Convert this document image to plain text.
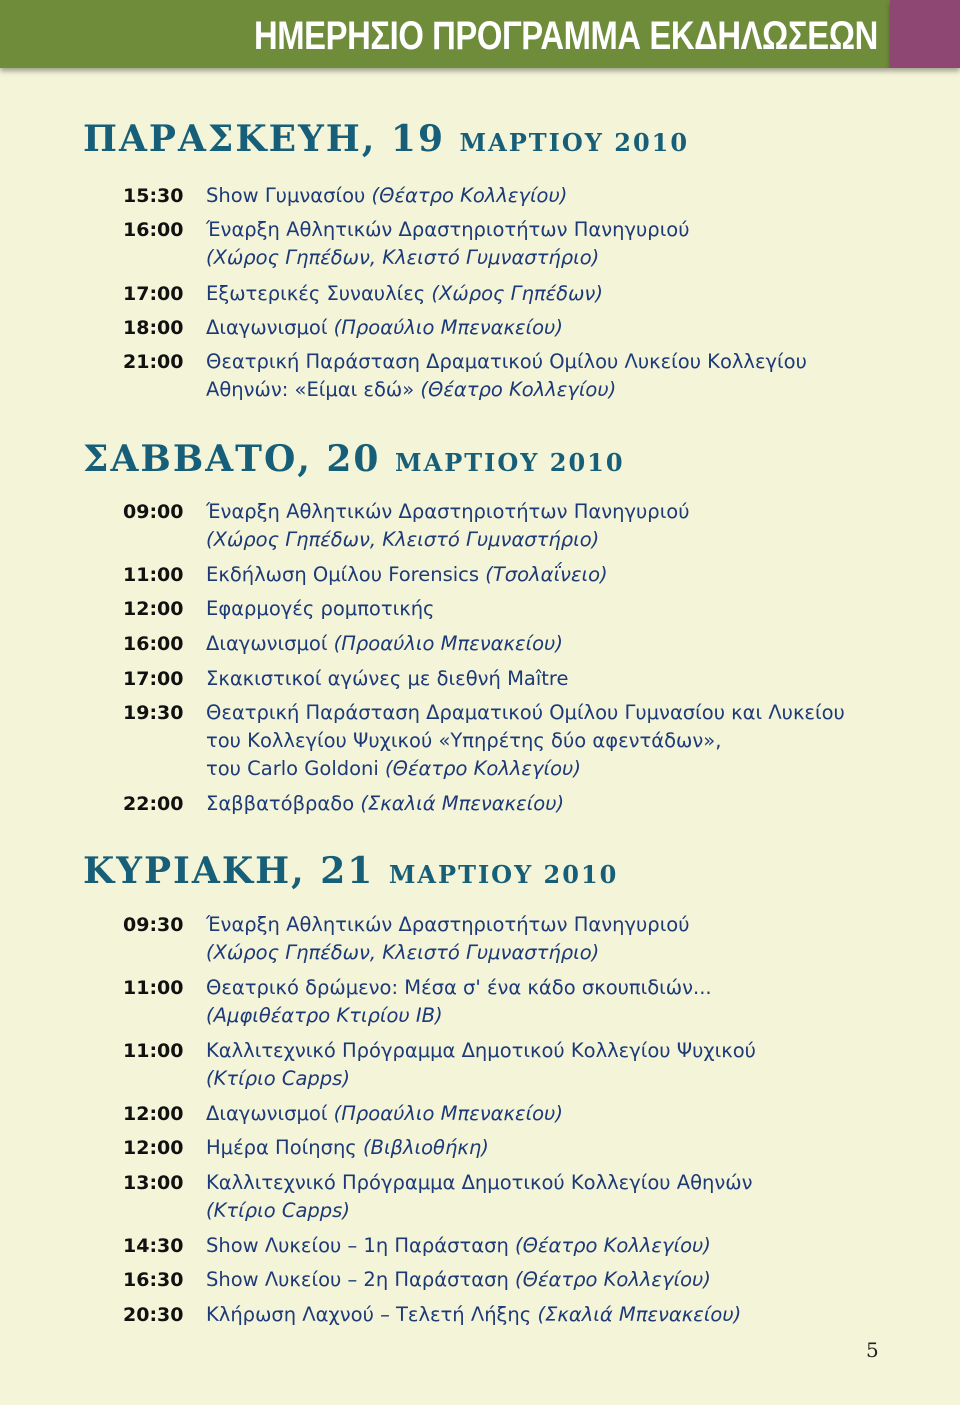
ΗΜΕΡΗΣΙΟ ΠΡΟΓΡΑΜΜΑ ΕΚΔΗΛΩΣΕΩΝ
ΠΑΡΑΣΚΕΥΗ, 19 ΜΑΡΤΙΟΥ 2010
15:30 Show Γυμνασίου (Θέατρο Κολλεγίου)
16:00 Έναρξη Αθλητικών Δραστηριοτήτων Πανηγυριού
(Χώρος Γηπέδων, Κλειστό Γυμναστήριο)
17:00 Εξωτερικές Συναυλίες (Χώρος Γηπέδων)
18:00 Διαγωνισμοί (Προαύλιο Μπενακείου)
21:00 Θεατρική Παράσταση Δραματικού Ομίλου Λυκείου Κολλεγίου
Αθηνών: «Είμαι εδώ» (Θέατρο Κολλεγίου)
ΣΑΒΒΑΤΟ, 20 ΜΑΡΤΙΟΥ 2010
09:00 Έναρξη Αθλητικών Δραστηριοτήτων Πανηγυριού
(Χώρος Γηπέδων, Κλειστό Γυμναστήριο)
11:00 Εκδήλωση Ομίλου Forensics (Τσολαΐνειο)
12:00 Εφαρμογές ρομποτικής
16:00 Διαγωνισμοί (Προαύλιο Μπενακείου)
17:00 Σκακιστικοί αγώνες με διεθνή Maître
19:30 Θεατρική Παράσταση Δραματικού Ομίλου Γυμνασίου και Λυκείου
του Κολλεγίου Ψυχικού «Υπηρέτης δύο αφεντάδων»,
του Carlo Goldoni (Θέατρο Κολλεγίου)
22:00 Σαββατόβραδο (Σκαλιά Μπενακείου)
ΚΥΡΙΑΚΗ, 21 ΜΑΡΤΙΟΥ 2010
09:30 Έναρξη Αθλητικών Δραστηριοτήτων Πανηγυριού
(Χώρος Γηπέδων, Κλειστό Γυμναστήριο)
11:00 Θεατρικό δρώμενο: Μέσα σ' ένα κάδο σκουπιδιών...
(Αμφιθέατρο Κτιρίου ΙΒ)
11:00 Καλλιτεχνικό Πρόγραμμα Δημοτικού Κολλεγίου Ψυχικού
(Κτίριο Capps)
12:00 Διαγωνισμοί (Προαύλιο Μπενακείου)
12:00 Ημέρα Ποίησης (Βιβλιοθήκη)
13:00 Καλλιτεχνικό Πρόγραμμα Δημοτικού Κολλεγίου Αθηνών
(Κτίριο Capps)
14:30 Show Λυκείου – 1η Παράσταση (Θέατρο Κολλεγίου)
16:30 Show Λυκείου – 2η Παράσταση (Θέατρο Κολλεγίου)
20:30 Κλήρωση Λαχνού – Τελετή Λήξης (Σκαλιά Μπενακείου)
5
